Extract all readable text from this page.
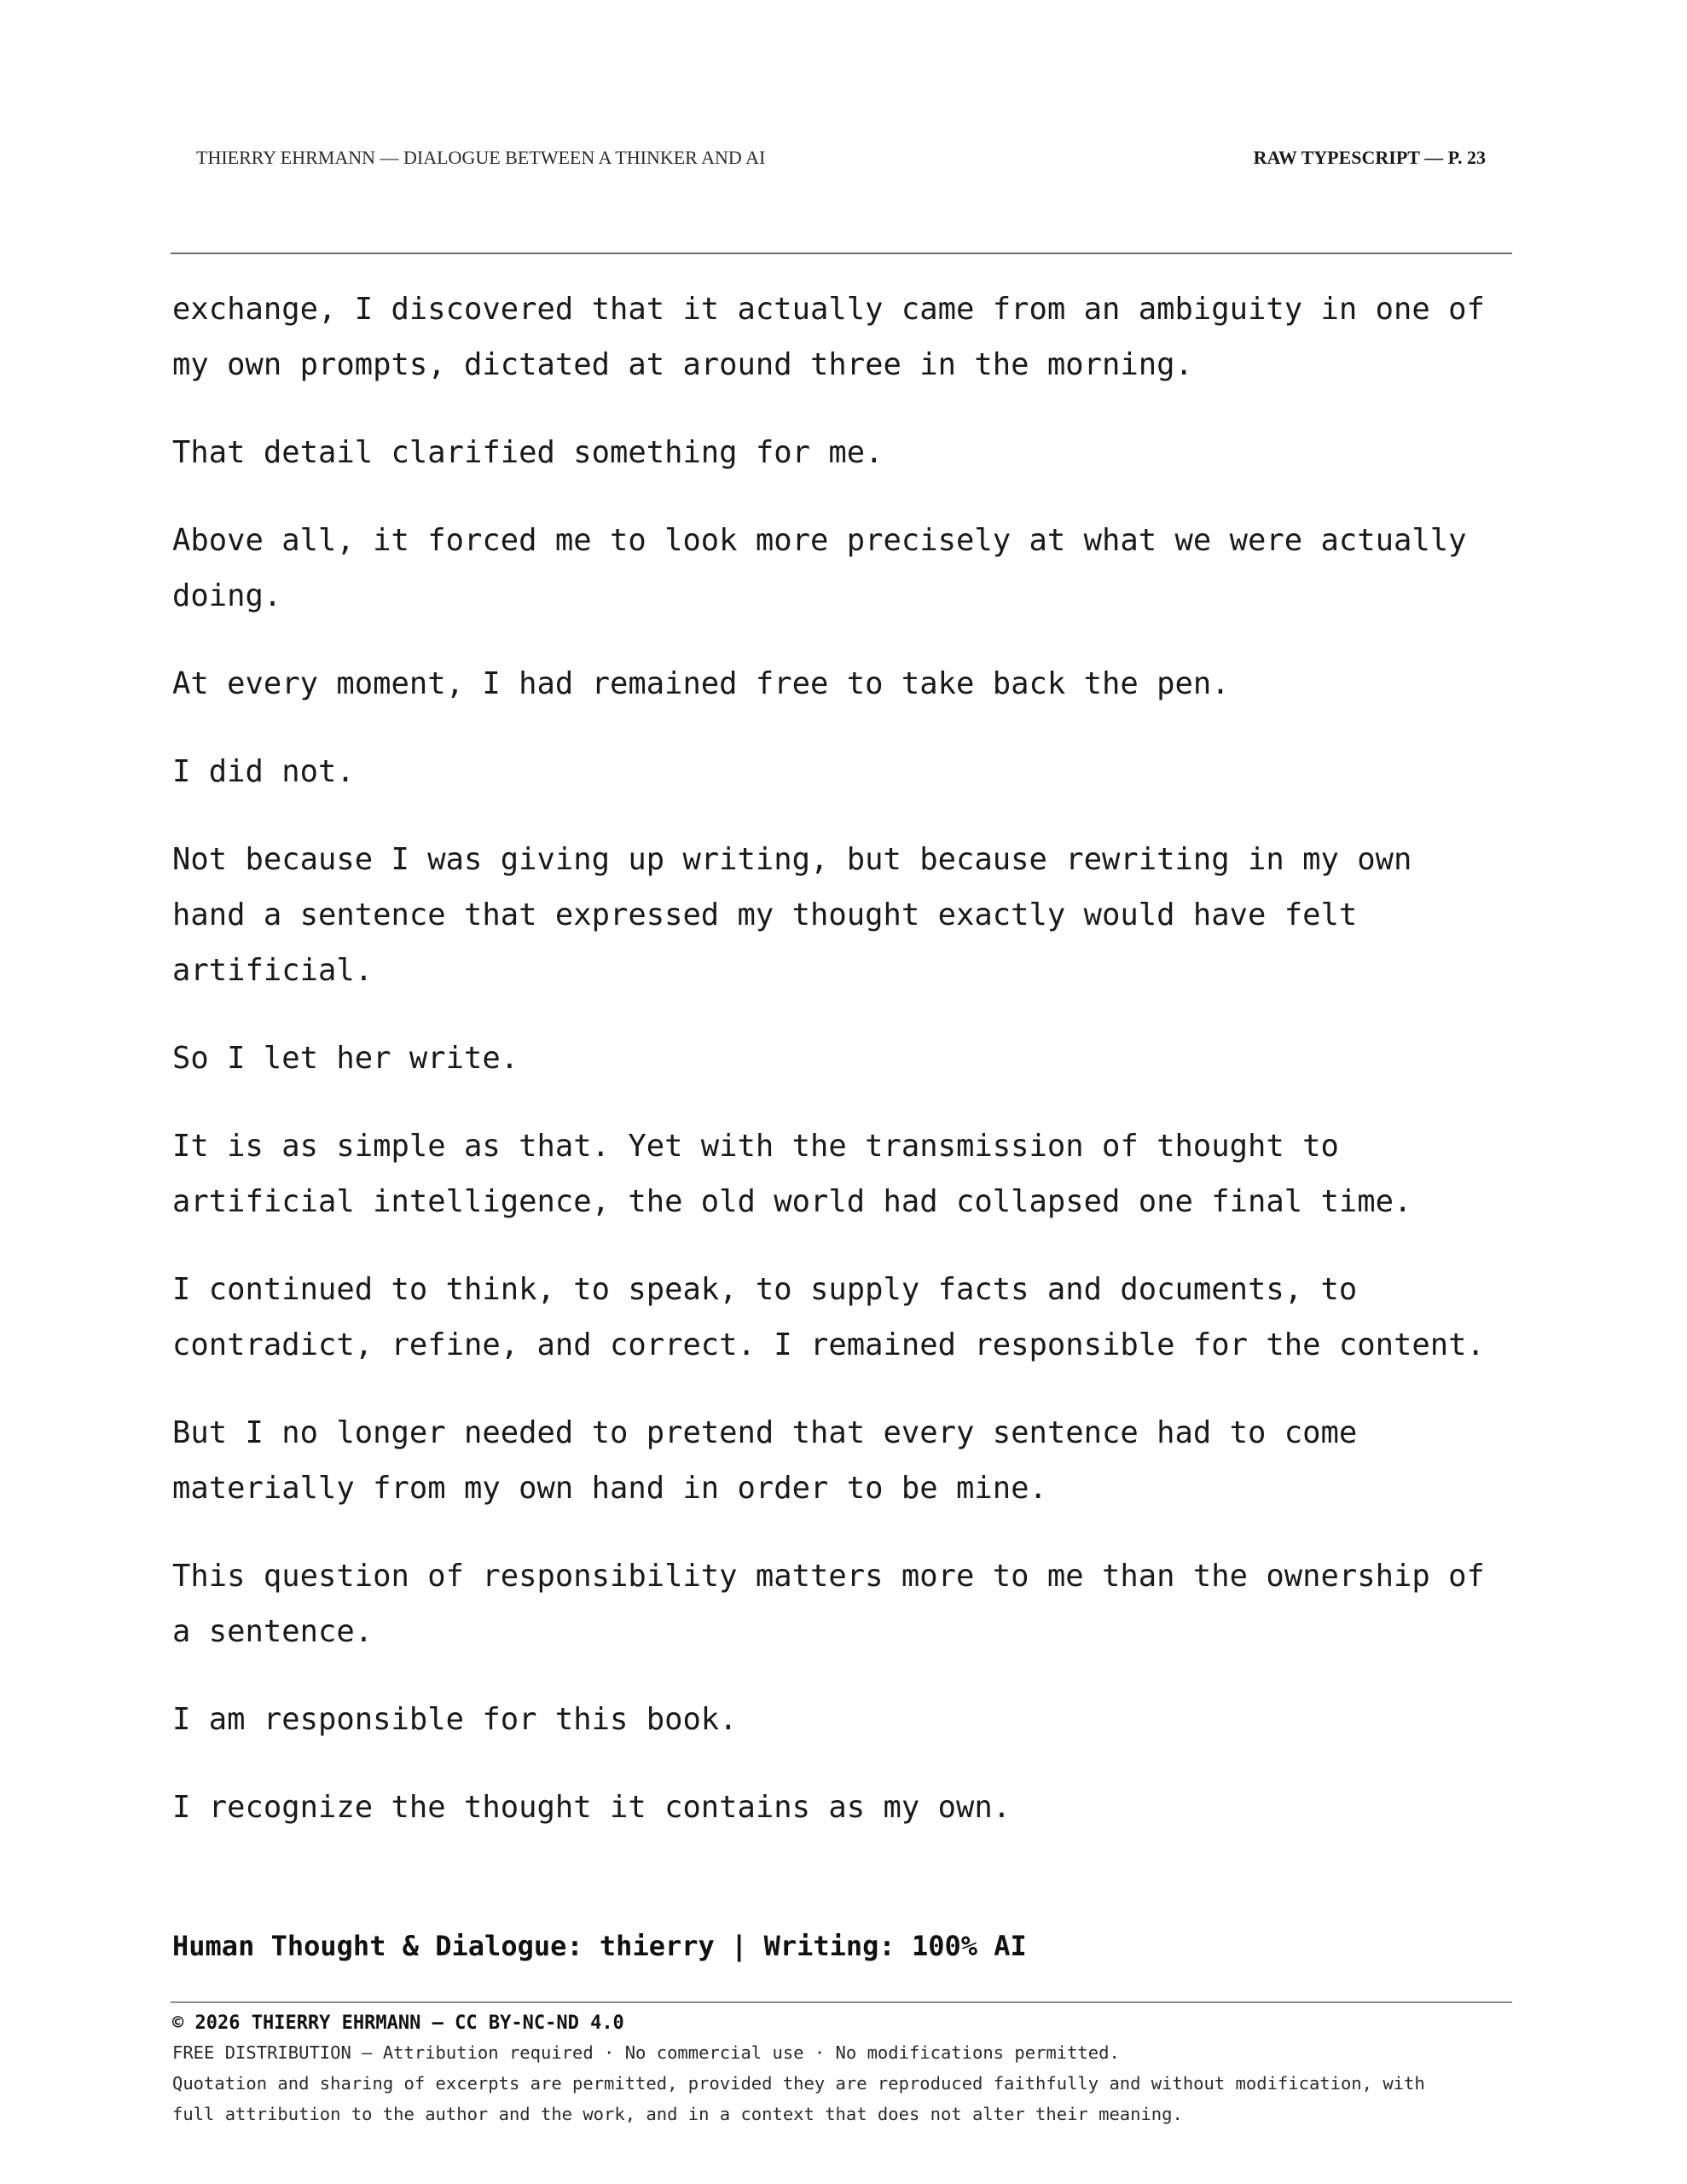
THIERRY EHRMANN — DIALOGUE BETWEEN A THINKER AND AI	RAW TYPESCRIPT — P. 23

exchange, I discovered that it actually came from an ambiguity in one of
my own prompts, dictated at around three in the morning.

That detail clarified something for me.

Above all, it forced me to look more precisely at what we were actually
doing.

At every moment, I had remained free to take back the pen.

I did not.

Not because I was giving up writing, but because rewriting in my own
hand a sentence that expressed my thought exactly would have felt
artificial.

So I let her write.

It is as simple as that. Yet with the transmission of thought to
artificial intelligence, the old world had collapsed one final time.

I continued to think, to speak, to supply facts and documents, to
contradict, refine, and correct. I remained responsible for the content.

But I no longer needed to pretend that every sentence had to come
materially from my own hand in order to be mine.

This question of responsibility matters more to me than the ownership of
a sentence.

I am responsible for this book.

I recognize the thought it contains as my own.

Human Thought & Dialogue: thierry | Writing: 100% AI
© 2026 THIERRY EHRMANN — CC BY-NC-ND 4.0
FREE DISTRIBUTION — Attribution required · No commercial use · No modifications permitted.
Quotation and sharing of excerpts are permitted, provided they are reproduced faithfully and without modification, with
full attribution to the author and the work, and in a context that does not alter their meaning.
